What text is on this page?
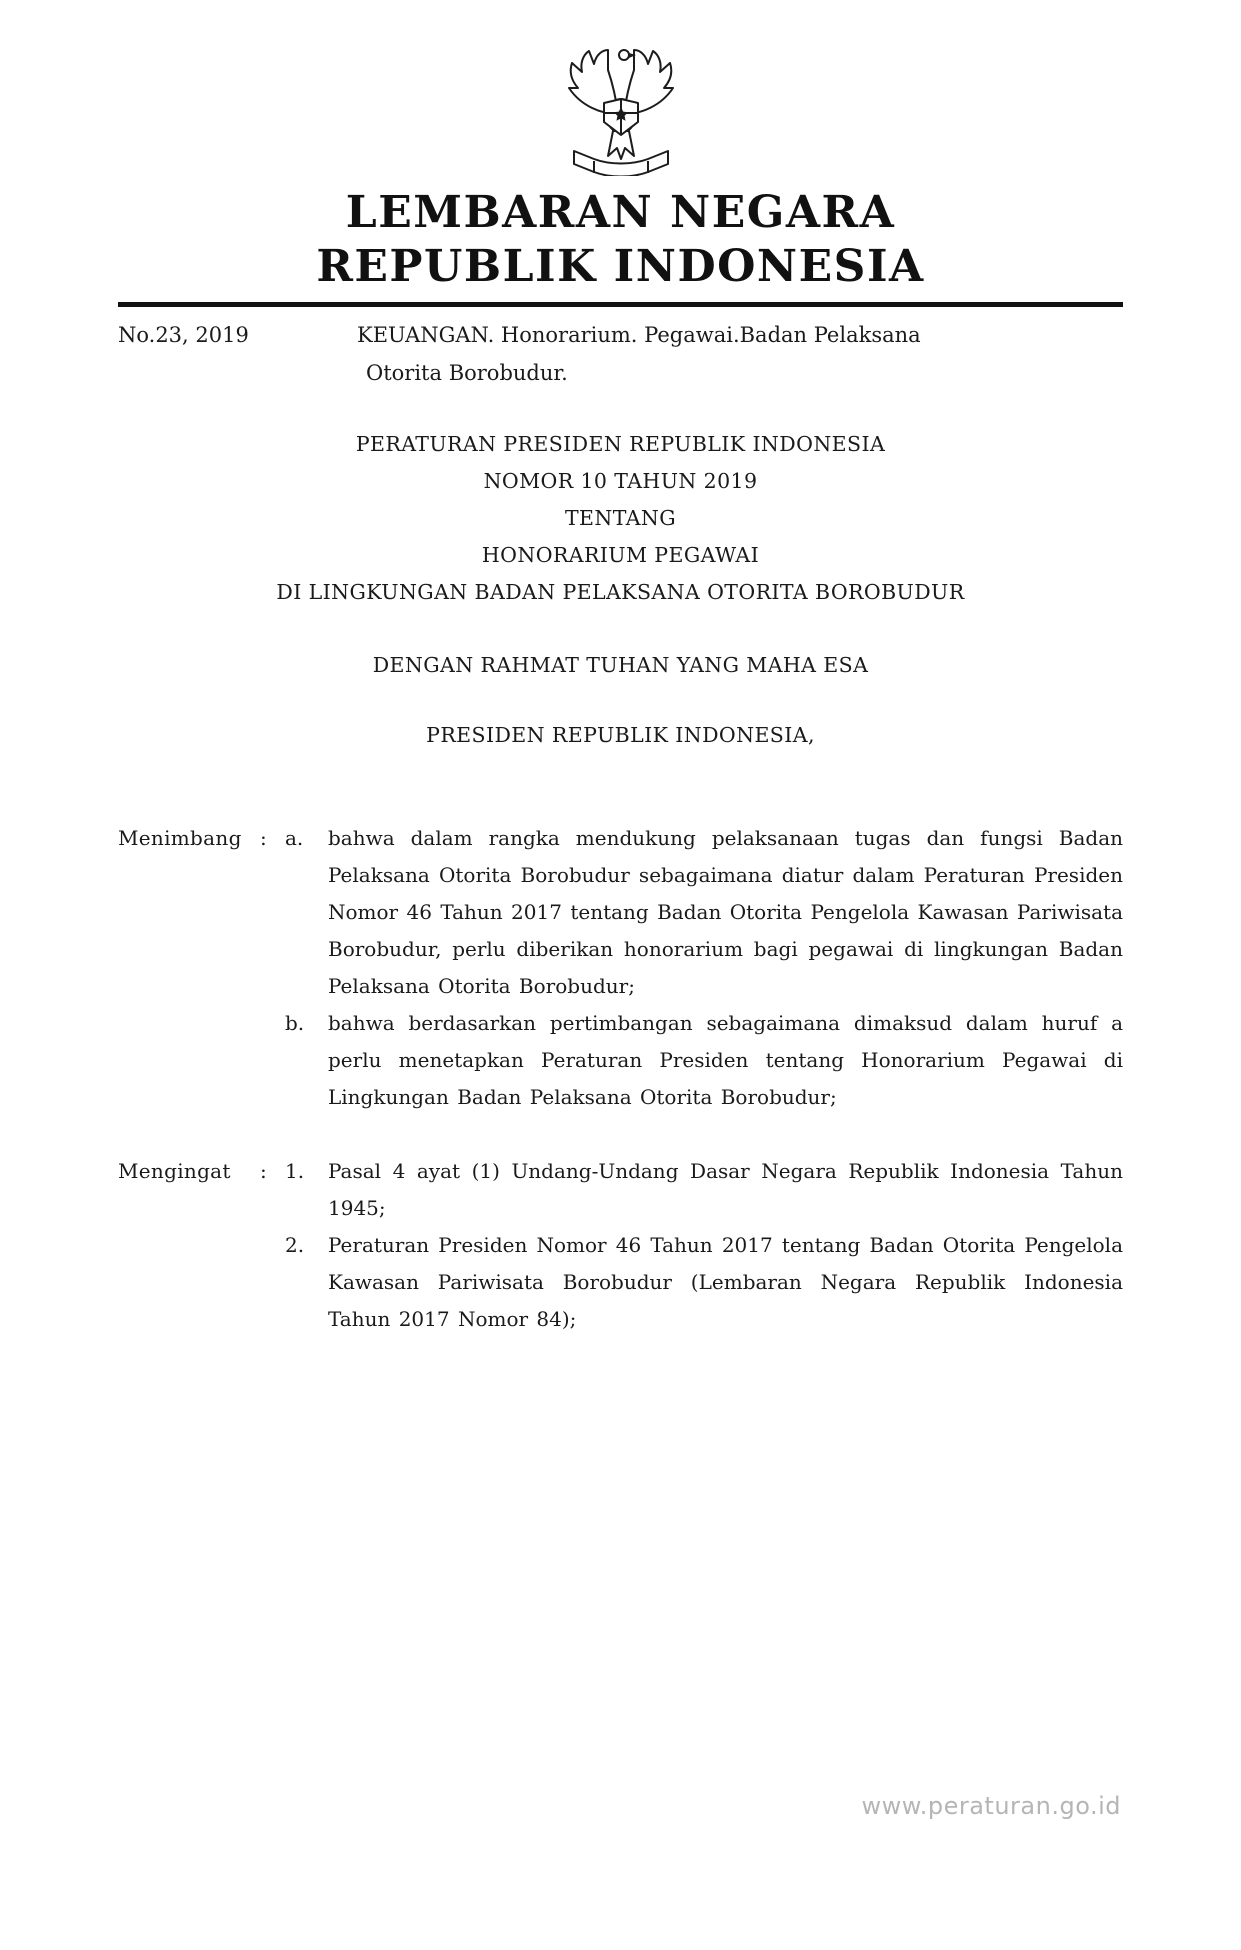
LEMBARAN NEGARA
REPUBLIK INDONESIA
No.23, 2019	KEUANGAN. Honorarium. Pegawai.Badan Pelaksana
Otorita Borobudur.
PERATURAN PRESIDEN REPUBLIK INDONESIA
NOMOR 10 TAHUN 2019
TENTANG
HONORARIUM PEGAWAI
DI LINGKUNGAN BADAN PELAKSANA OTORITA BOROBUDUR
DENGAN RAHMAT TUHAN YANG MAHA ESA
PRESIDEN REPUBLIK INDONESIA,
Menimbang : a.	bahwa dalam rangka mendukung pelaksanaan tugas dan fungsi Badan Pelaksana Otorita Borobudur sebagaimana diatur dalam Peraturan Presiden Nomor 46 Tahun 2017 tentang Badan Otorita Pengelola Kawasan Pariwisata Borobudur, perlu diberikan honorarium bagi pegawai di lingkungan Badan Pelaksana Otorita Borobudur;
b.	bahwa berdasarkan pertimbangan sebagaimana dimaksud dalam huruf a perlu menetapkan Peraturan Presiden tentang Honorarium Pegawai di Lingkungan Badan Pelaksana Otorita Borobudur;
Mengingat	: 1.	Pasal 4 ayat (1) Undang-Undang Dasar Negara Republik Indonesia Tahun 1945;
2.	Peraturan Presiden Nomor 46 Tahun 2017 tentang Badan Otorita Pengelola Kawasan Pariwisata Borobudur (Lembaran Negara Republik Indonesia Tahun 2017 Nomor 84);
www.peraturan.go.id
